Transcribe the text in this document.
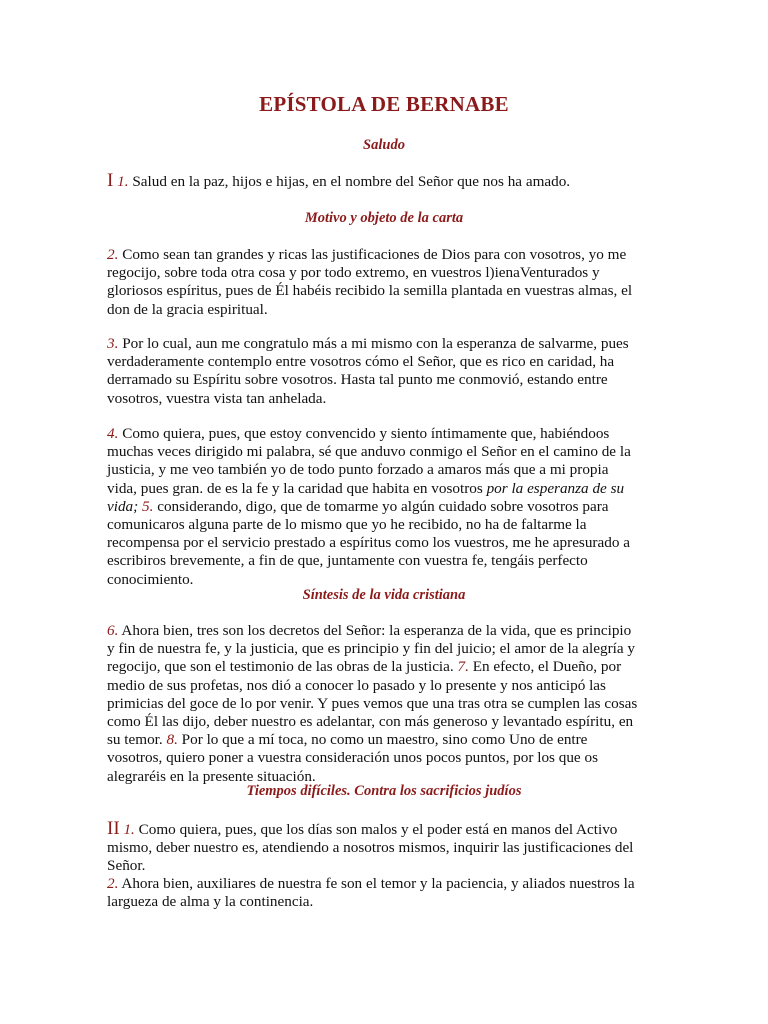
EPÍSTOLA DE BERNABE
Saludo

I 1. Salud en la paz, hijos e hijas, en el nombre del Señor que nos ha amado.

Motivo y objeto de la carta

2. Como sean tan grandes y ricas las justificaciones de Dios para con vosotros, yo me regocijo, sobre toda otra cosa y por todo extremo, en vuestros l)ienaVenturados y gloriosos espíritus, pues de Él habéis recibido la semilla plantada en vuestras almas, el don de la gracia espiritual.

3. Por lo cual, aun me congratulo más a mi mismo con la esperanza de salvarme, pues verdaderamente contemplo entre vosotros cómo el Señor, que es rico en caridad, ha derramado su Espíritu sobre vosotros. Hasta tal punto me conmovió, estando entre vosotros, vuestra vista tan anhelada.

4. Como quiera, pues, que estoy convencido y siento íntimamente que, habiéndoos muchas veces dirigido mi palabra, sé que anduvo conmigo el Señor en el camino de la justicia, y me veo también yo de todo punto forzado a amaros más que a mi propia vida, pues gran. de es la fe y la caridad que habita en vosotros por la esperanza de su vida; 5. considerando, digo, que de tomarme yo algún cuidado sobre vosotros para comunicaros alguna parte de lo mismo que yo he recibido, no ha de faltarme la recompensa por el servicio prestado a espíritus como los vuestros, me he apresurado a escribiros brevemente, a fin de que, juntamente con vuestra fe, tengáis perfecto conocimiento.

Síntesis de la vida cristiana

6. Ahora bien, tres son los decretos del Señor: la esperanza de la vida, que es principio y fin de nuestra fe, y la justicia, que es principio y fin del juicio; el amor de la alegría y regocijo, que son el testimonio de las obras de la justicia. 7. En efecto, el Dueño, por medio de sus profetas, nos dió a conocer lo pasado y lo presente y nos anticipó las primicias del goce de lo por venir. Y pues vemos que una tras otra se cumplen las cosas como Él las dijo, deber nuestro es adelantar, con más generoso y levantado espíritu, en su temor. 8. Por lo que a mí toca, no como un maestro, sino como Uno de entre vosotros, quiero poner a vuestra consideración unos pocos puntos, por los que os alegraréis en la presente situación.

Tiempos difíciles. Contra los sacrificios judíos

II 1. Como quiera, pues, que los días son malos y el poder está en manos del Activo mismo, deber nuestro es, atendiendo a nosotros mismos, inquirir las justificaciones del Señor.

2. Ahora bien, auxiliares de nuestra fe son el temor y la paciencia, y aliados nuestros la largueza de alma y la continencia.
